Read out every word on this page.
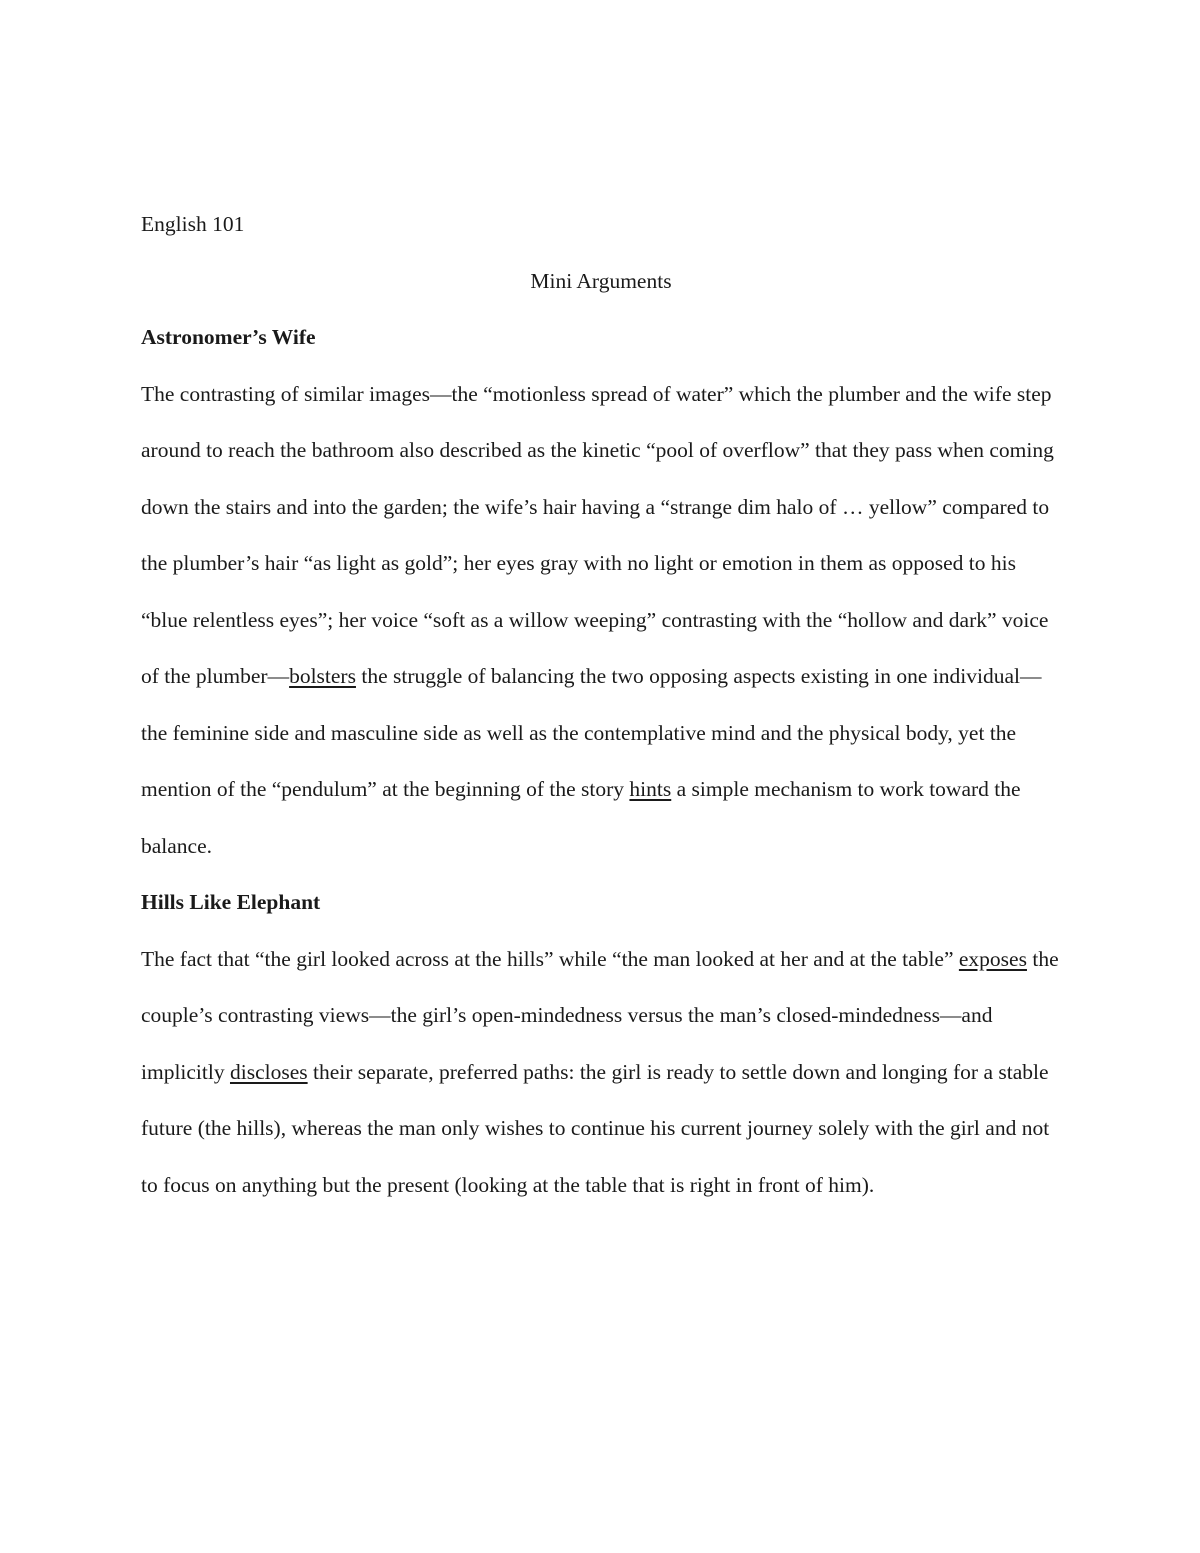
English 101

Mini Arguments
Astronomer’s Wife

The contrasting of similar images—the “motionless spread of water” which the plumber and the wife step around to reach the bathroom also described as the kinetic “pool of overflow” that they pass when coming down the stairs and into the garden; the wife’s hair having a “strange dim halo of … yellow” compared to the plumber’s hair “as light as gold”; her eyes gray with no light or emotion in them as opposed to his “blue relentless eyes”; her voice “soft as a willow weeping” contrasting with the “hollow and dark” voice of the plumber—bolsters the struggle of balancing the two opposing aspects existing in one individual—the feminine side and masculine side as well as the contemplative mind and the physical body, yet the mention of the “pendulum” at the beginning of the story hints a simple mechanism to work toward the balance.

Hills Like Elephant

The fact that “the girl looked across at the hills” while “the man looked at her and at the table” exposes the couple’s contrasting views—the girl’s open-mindedness versus the man’s closed-mindedness—and implicitly discloses their separate, preferred paths: the girl is ready to settle down and longing for a stable future (the hills), whereas the man only wishes to continue his current journey solely with the girl and not to focus on anything but the present (looking at the table that is right in front of him).
